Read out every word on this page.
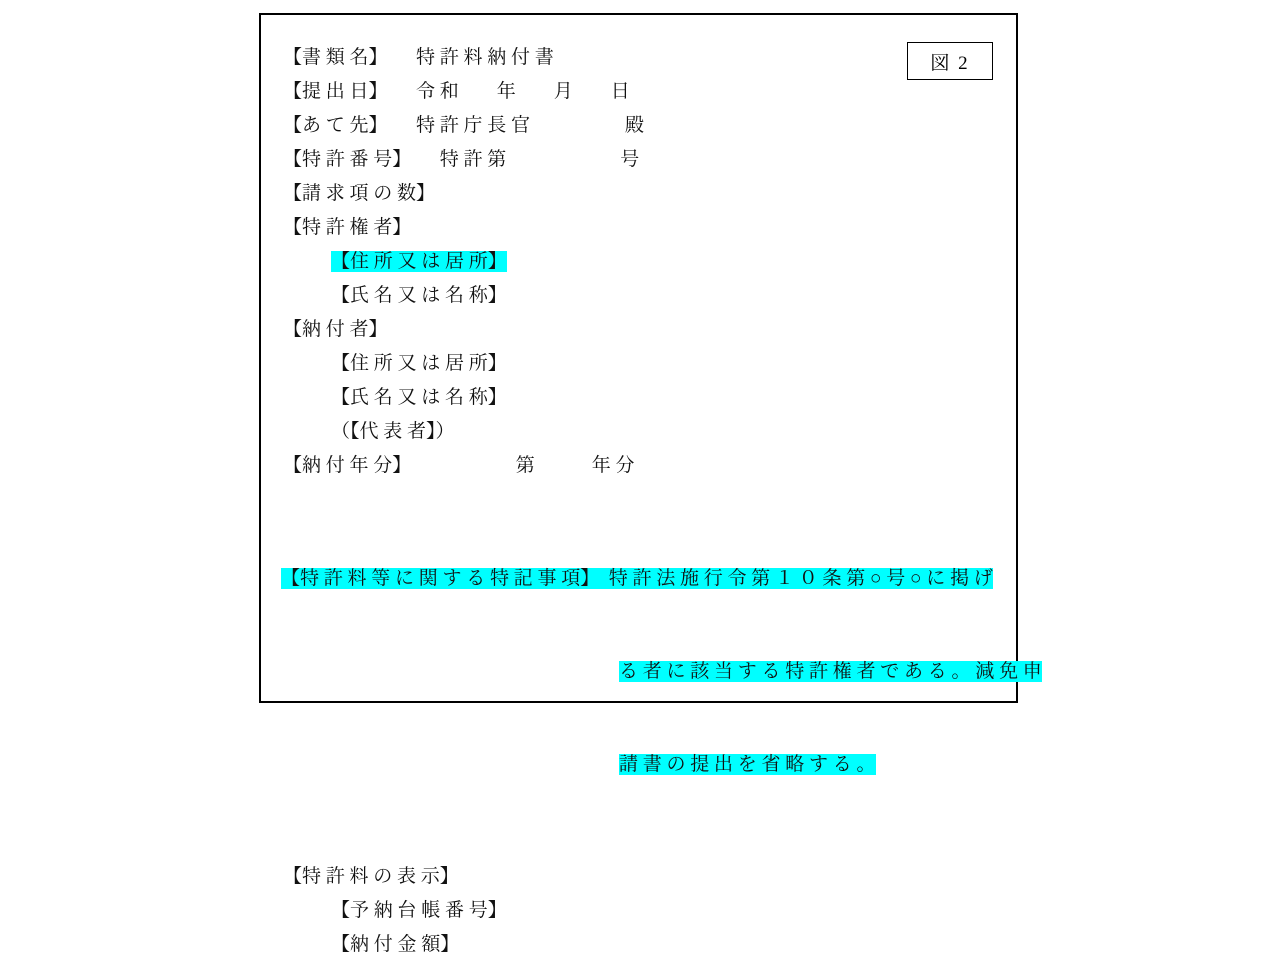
図 2
【書 類 名】　　特 許 料 納 付 書
【提 出 日】　　令 和　　年　　月　　日
【あ て 先】　　特 許 庁 長 官　　　　　殿
【特 許 番 号】　　特 許 第　　　　　　号
【請 求 項 の 数】
【特 許 権 者】
【住 所 又 は 居 所】
【氏 名 又 は 名 称】
【納 付 者】
【住 所 又 は 居 所】
【氏 名 又 は 名 称】
（【代 表 者】）
【納 付 年 分】　　　　　　第　　　年 分

【特 許 料 等 に 関 す る 特 記 事 項】　特 許 法 施 行 令 第 １ ０ 条 第 ○ 号 ○ に 掲 げ

る 者 に 該 当 す る 特 許 権 者 で あ る 。 減 免 申

請 書 の 提 出 を 省 略 す る 。

【特 許 料 の 表 示】
【予 納 台 帳 番 号】
【納 付 金 額】
